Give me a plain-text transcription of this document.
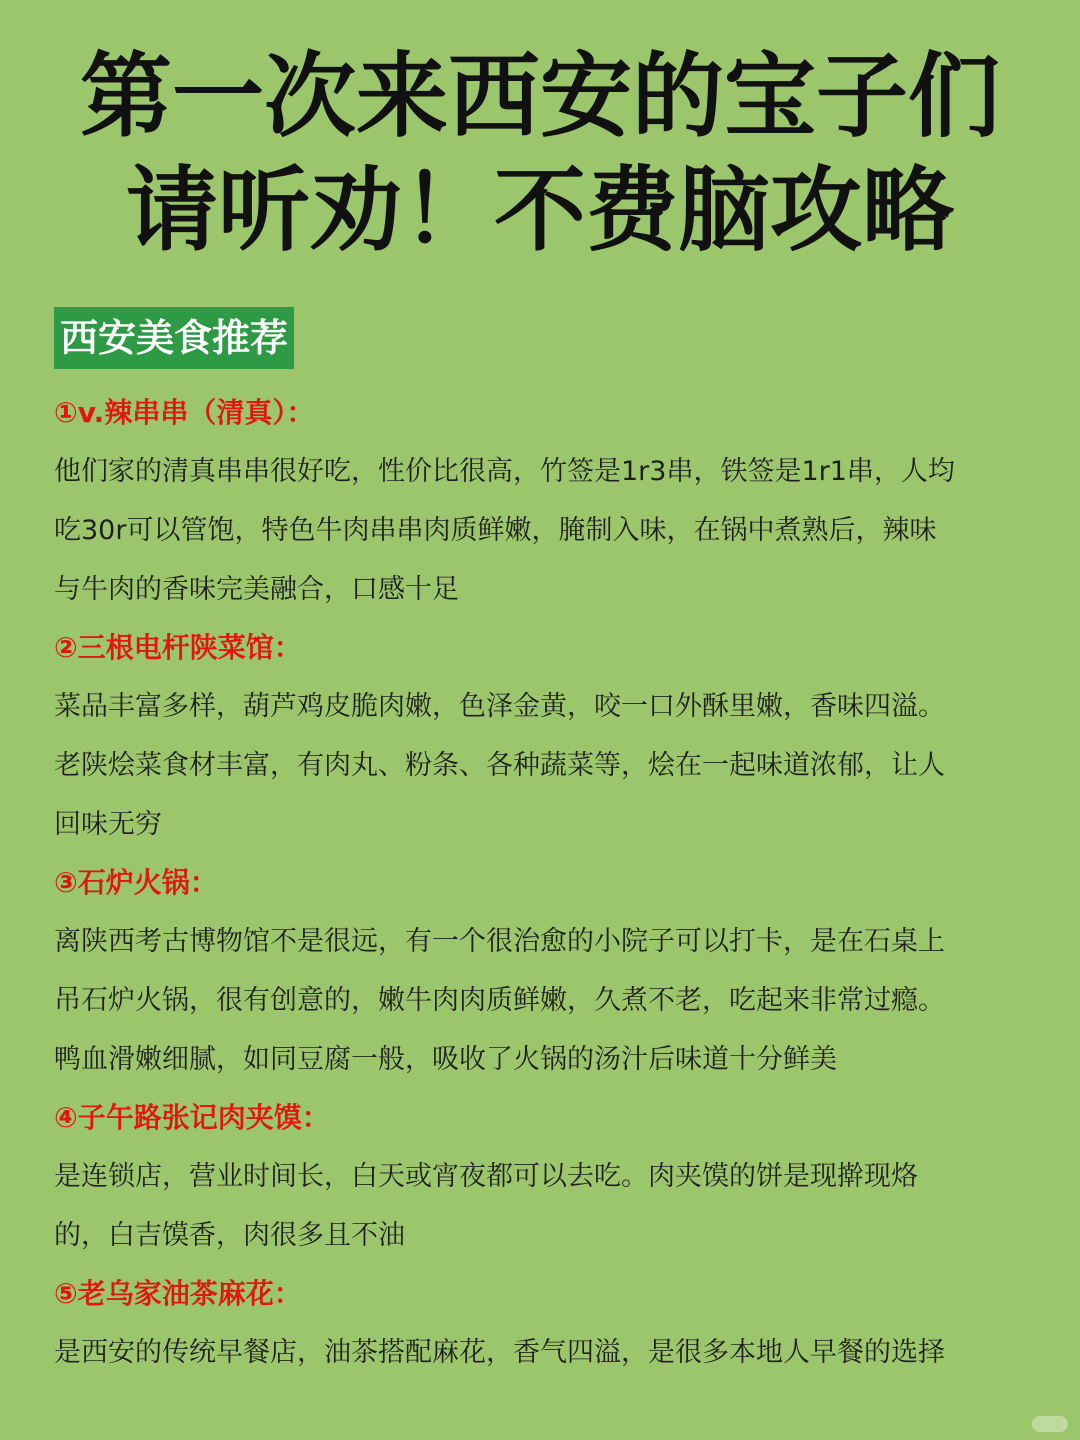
第一次来西安的宝子们
请听劝！不费脑攻略
西安美食推荐
①v.辣串串（清真）：
他们家的清真串串很好吃，性价比很高，竹签是1r3串，铁签是1r1串，人均
吃30r可以管饱，特色牛肉串串肉质鲜嫩，腌制入味，在锅中煮熟后，辣味
与牛肉的香味完美融合，口感十足
②三根电杆陕菜馆：
菜品丰富多样，葫芦鸡皮脆肉嫩，色泽金黄，咬一口外酥里嫩，香味四溢。
老陕烩菜食材丰富，有肉丸、粉条、各种蔬菜等，烩在一起味道浓郁，让人
回味无穷
③石炉火锅：
离陕西考古博物馆不是很远，有一个很治愈的小院子可以打卡，是在石桌上
吊石炉火锅，很有创意的，嫩牛肉肉质鲜嫩，久煮不老，吃起来非常过瘾。
鸭血滑嫩细腻，如同豆腐一般，吸收了火锅的汤汁后味道十分鲜美
④子午路张记肉夹馍：
是连锁店，营业时间长，白天或宵夜都可以去吃。肉夹馍的饼是现擀现烙
的，白吉馍香，肉很多且不油
⑤老乌家油茶麻花：
是西安的传统早餐店，油茶搭配麻花，香气四溢，是很多本地人早餐的选择
